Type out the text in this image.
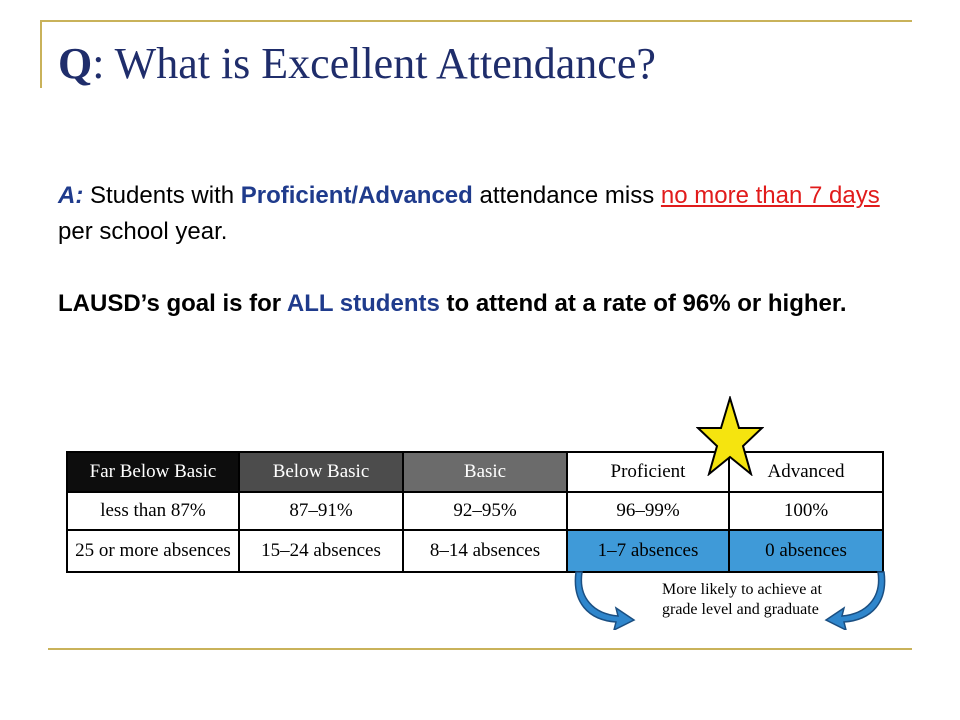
Q: What is Excellent Attendance?
A: Students with Proficient/Advanced attendance miss no more than 7 days per school year.
LAUSD’s goal is for ALL students to attend at a rate of 96% or higher.
Far Below Basic	Below Basic	Basic	Proficient	Advanced
less than 87%	87–91%	92–95%	96–99%	100%
25 or more absences	15–24 absences	8–14 absences	1–7 absences	0 absences
More likely to achieve at grade level and graduate
